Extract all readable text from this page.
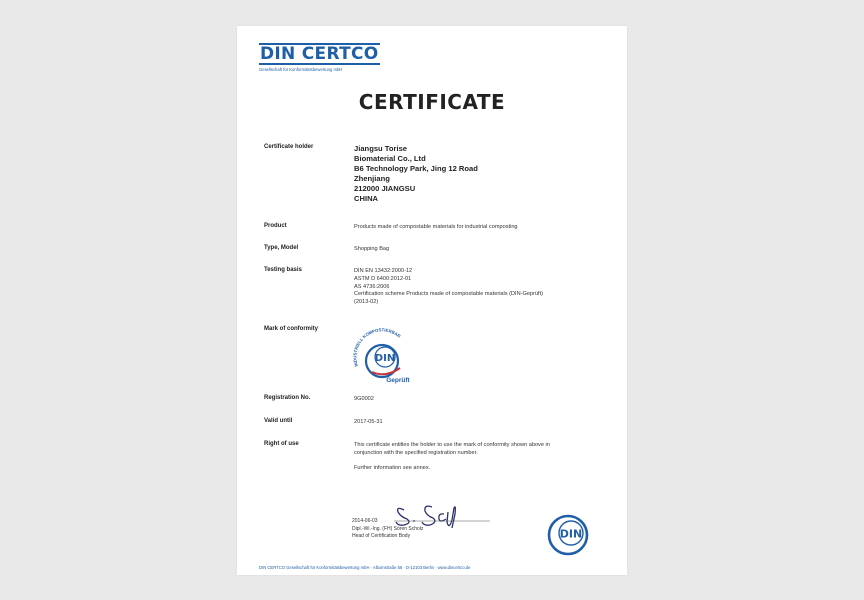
DIN CERTCO
Gesellschaft für Konformitätsbewertung mbH
CERTIFICATE
Certificate holder	Jiangsu Torise
Biomaterial Co., Ltd
B6 Technology Park, Jing 12 Road
Zhenjiang
212000 JIANGSU
CHINA
Product	Products made of compostable materials for industrial composting
Type, Model	Shopping Bag
Testing basis	DIN EN 13432:2000-12
ASTM D 6400:2012-01
AS 4736:2006
Certification scheme Products made of compostable materials (DIN-Geprüft)
(2013-02)
Mark of conformity
INDUSTRIELL KOMPOSTIERBAR
DIN
Geprüft
Registration No.	9G0002
Valid until	2017-05-31
Right of use	This certificate entitles the holder to use the mark of conformity shown above in
conjunction with the specified registration number.
Further information see annex.
2014-06-03
Dipl.-Wi.-Ing. (FH) Sören Scholz
Head of Certification Body	DIN
DIN CERTCO Gesellschaft für Konformitätsbewertung mbH · Alboinstraße 56 · D-12103 Berlin · www.dincertco.de
